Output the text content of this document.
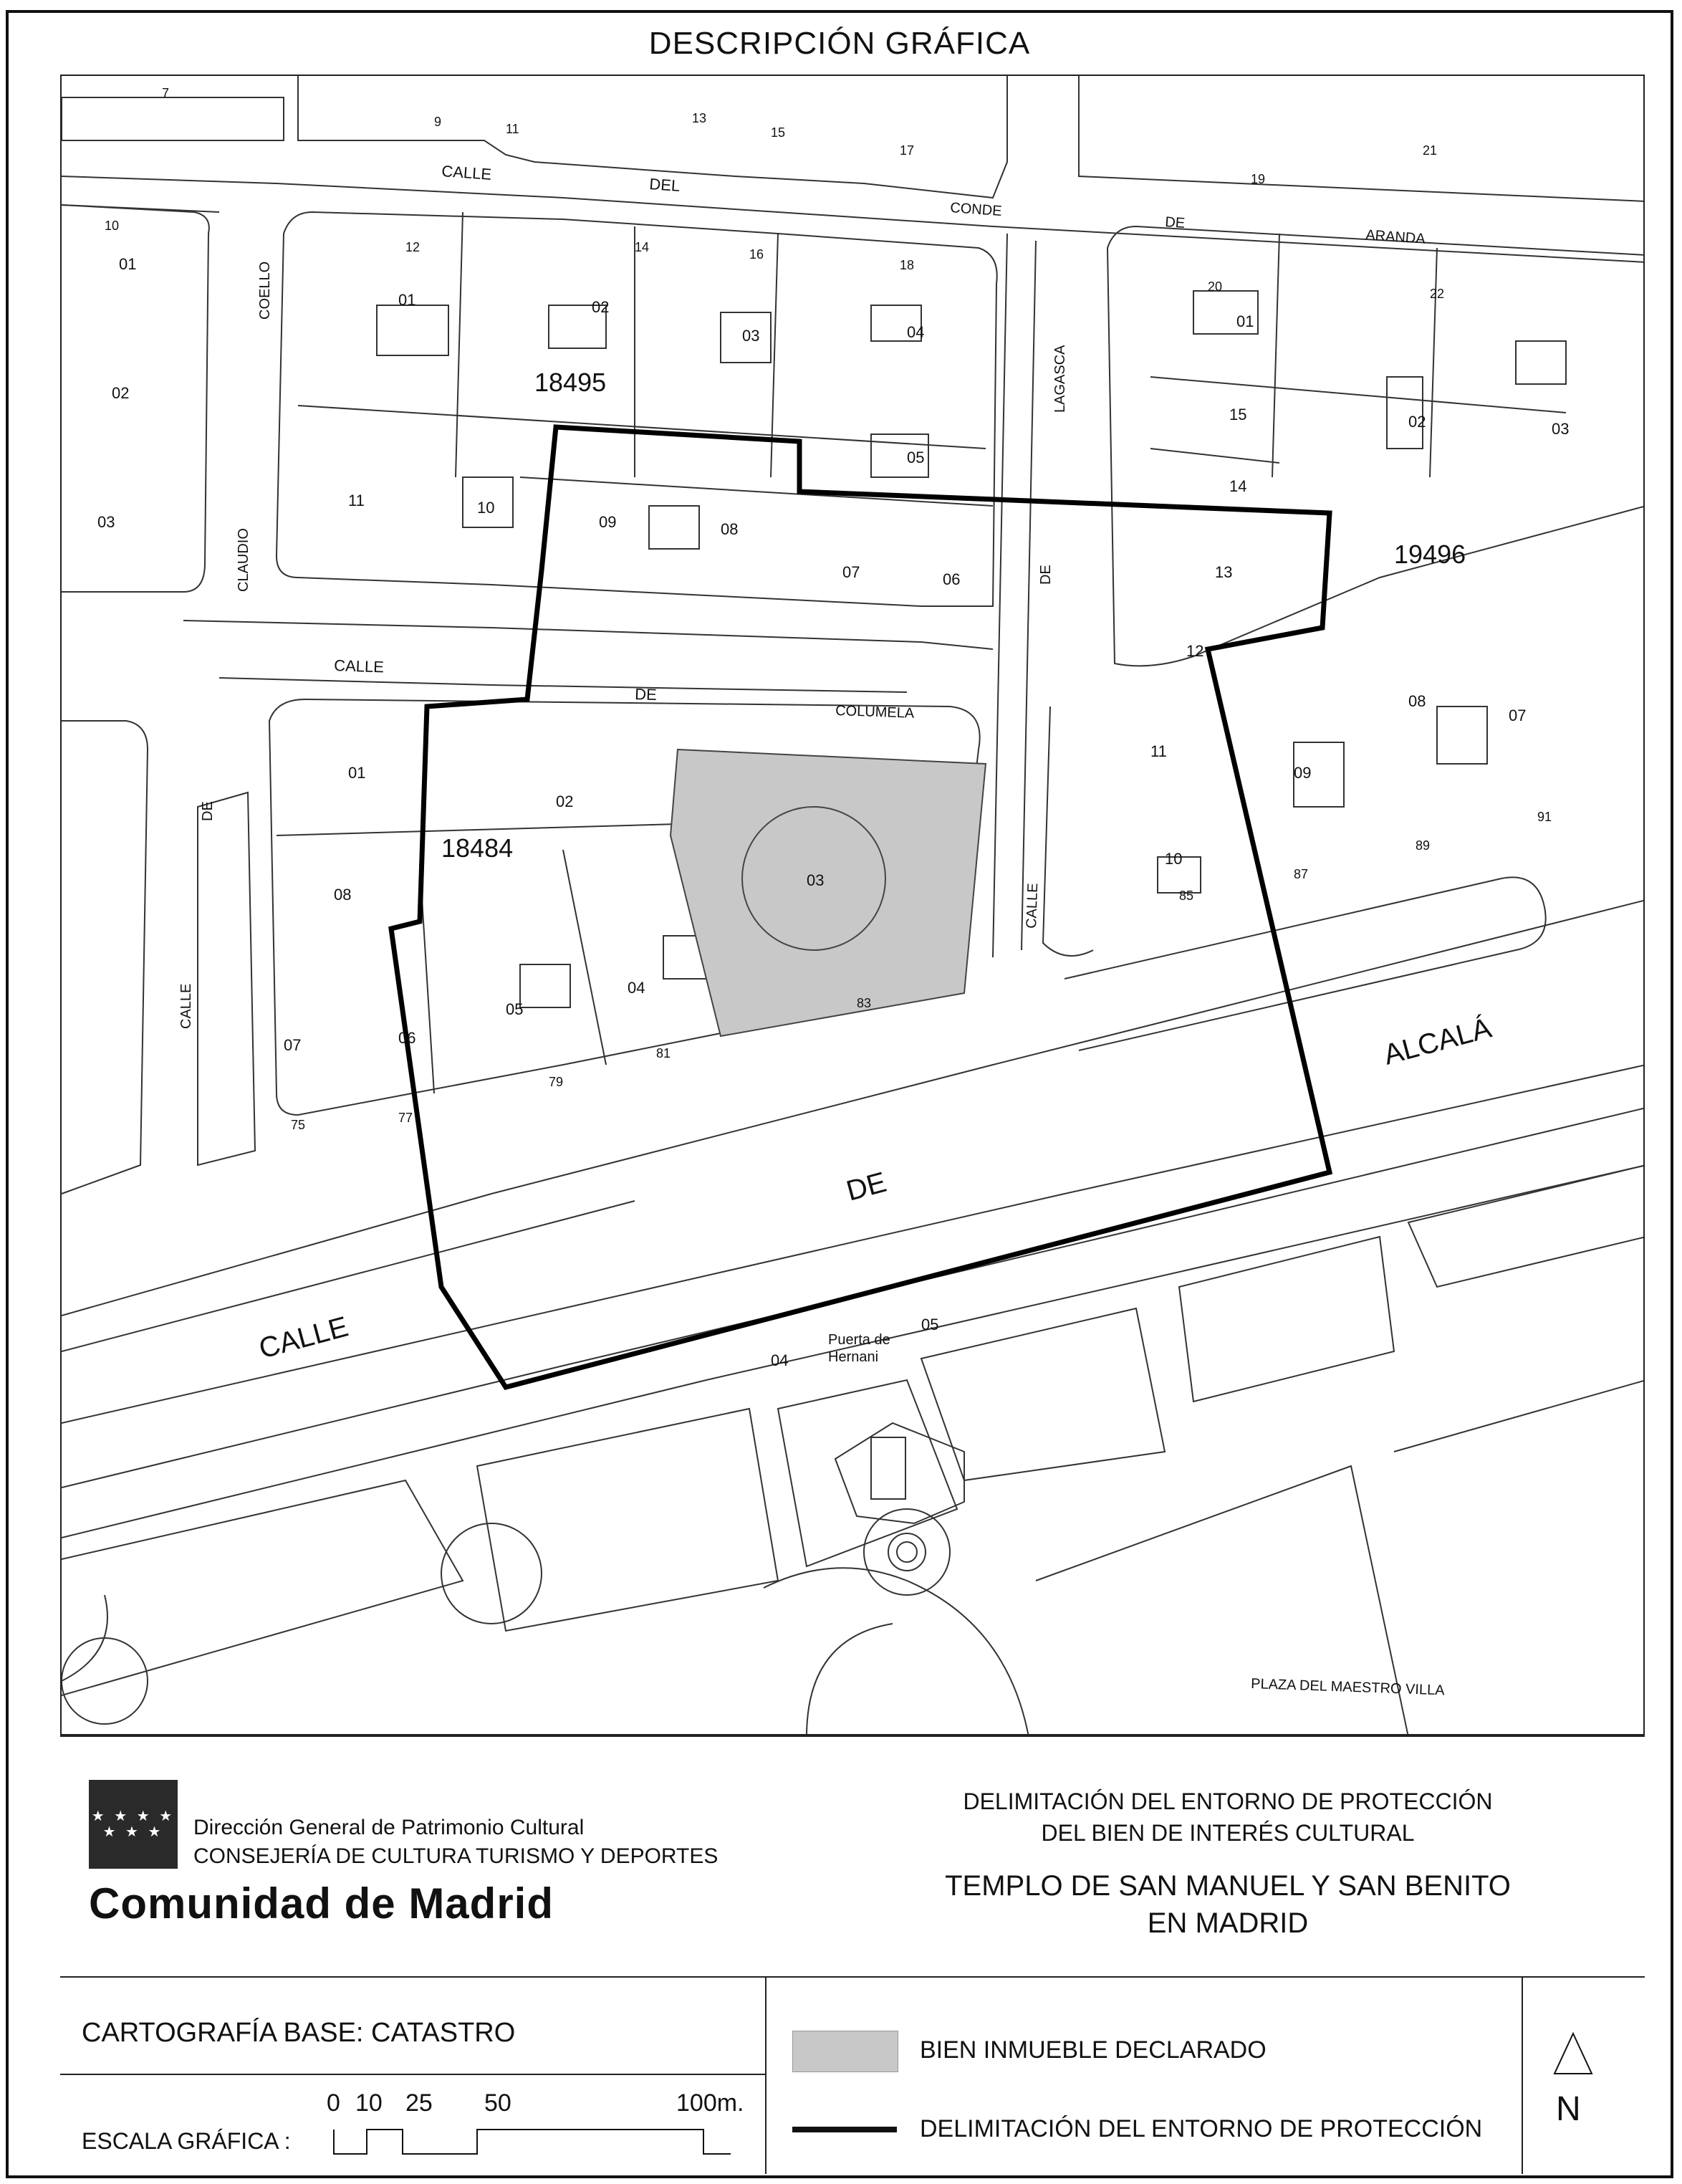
DESCRIPCIÓN GRÁFICA
CALLE
DEL
CONDE
DE
ARANDA
COELLO
CLAUDIO
LAGASCA
DE
CALLE
DE
COLUMELA
CALLE
CALLE
DE
ALCALÁ
DE
CALLE	Puerta de
Hernani
PLAZA DEL MAESTRO VILLA
18495
19496
18484
01
02
03
01	02
03	04
05
06
07
08
09
10
11
01
02	03
15
14
13
12
11
10
09
08
07
01
02
03
04
05
06
07
08
04
05
7
9	11
13
15
17
19
21
12	14	16
18
20	22
10
75	77
79
81
83
85
87
89
91
★ ★ ★ ★ ★ ★ ★	Dirección General de Patrimonio Cultural
CONSEJERÍA DE CULTURA TURISMO Y DEPORTES
Comunidad de Madrid
DELIMITACIÓN DEL ENTORNO DE PROTECCIÓN
DEL BIEN DE INTERÉS CULTURAL
TEMPLO DE SAN MANUEL Y SAN BENITO
EN MADRID
CARTOGRAFÍA BASE: CATASTRO
ESCALA GRÁFICA :
0 10 25 50	100m.
BIEN INMUEBLE DECLARADO
DELIMITACIÓN DEL ENTORNO DE PROTECCIÓN
N
